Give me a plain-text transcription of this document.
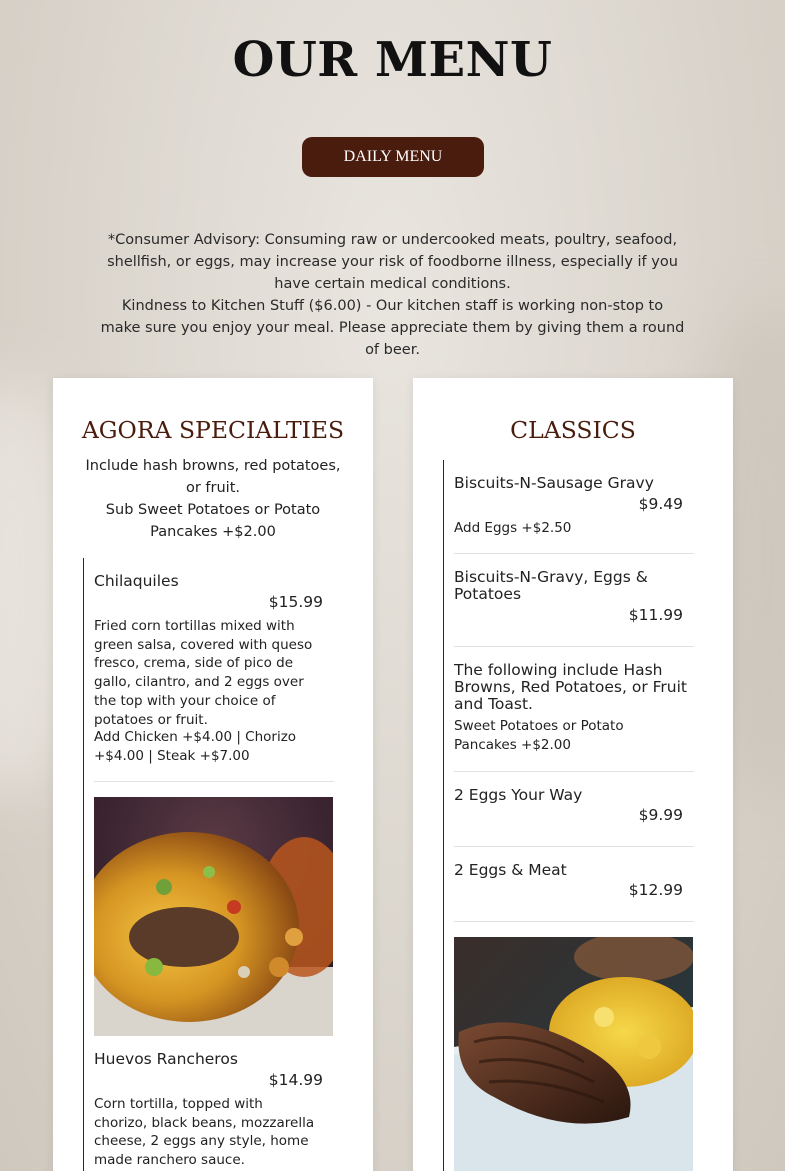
OUR MENU
DAILY MENU
*Consumer Advisory: Consuming raw or undercooked meats, poultry, seafood, shellfish, or eggs, may increase your risk of foodborne illness, especially if you have certain medical conditions.
Kindness to Kitchen Stuff ($6.00) - Our kitchen staff is working non-stop to make sure you enjoy your meal. Please appreciate them by giving them a round of beer.
AGORA SPECIALTIES
Include hash browns, red potatoes, or fruit.
Sub Sweet Potatoes or Potato Pancakes +$2.00
Chilaquiles
$15.99
Fried corn tortillas mixed with green salsa, covered with queso fresco, crema, side of pico de gallo, cilantro, and 2 eggs over the top with your choice of potatoes or fruit.
Add Chicken +$4.00 | Chorizo +$4.00 | Steak +$7.00
Huevos Rancheros
$14.99
Corn tortilla, topped with chorizo, black beans, mozzarella cheese, 2 eggs any style, home made ranchero sauce.
CLASSICS
Biscuits-N-Sausage Gravy
$9.49
Add Eggs +$2.50
Biscuits-N-Gravy, Eggs & Potatoes
$11.99
The following include Hash Browns, Red Potatoes, or Fruit and Toast.
Sweet Potatoes or Potato Pancakes +$2.00
2 Eggs Your Way
$9.99
2 Eggs & Meat
$12.99
